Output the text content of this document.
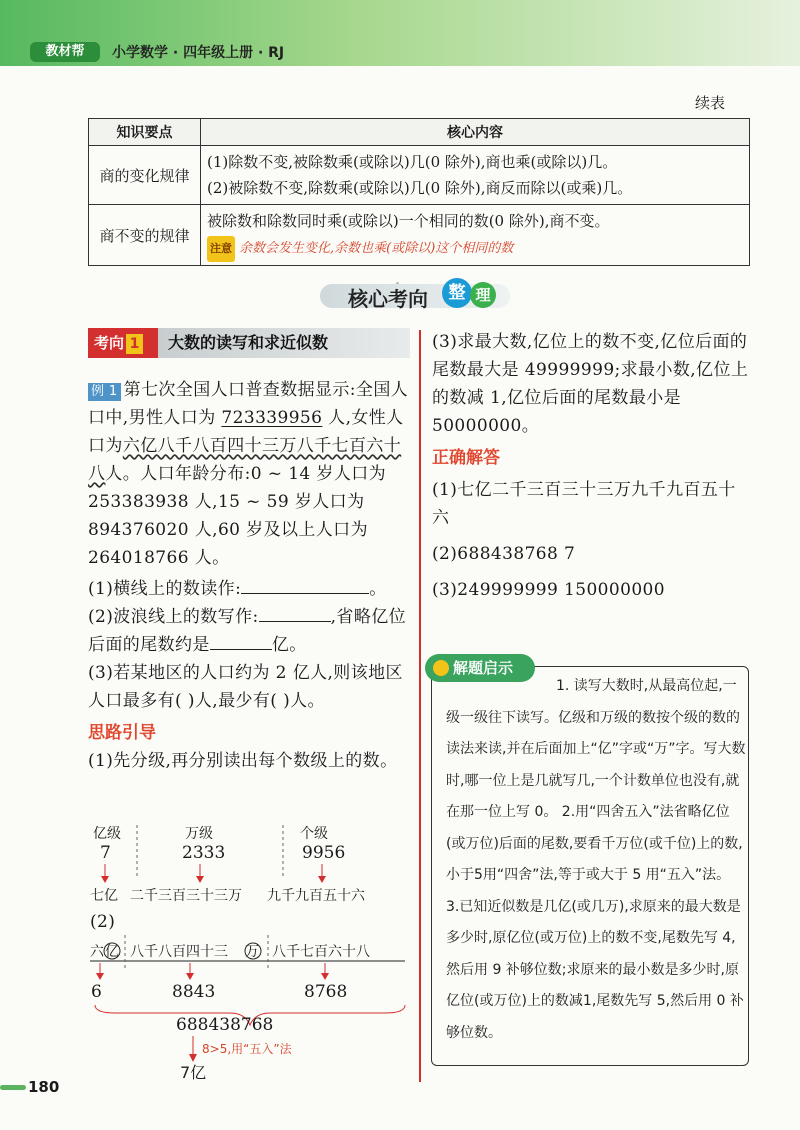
教材帮	小学数学 · 四年级上册 · RJ
续表
知识要点	核心内容
商的变化规律	(1)除数不变,被除数乘(或除以)几(0 除外),商也乘(或除以)几。
(2)被除数不变,除数乘(或除以)几(0 除外),商反而除以(或乘)几。

商不变的规律	被除数和除数同时乘(或除以)一个相同的数(0 除外),商不变。
注意 余数会发生变化,余数也乘(或除以)这个相同的数
核心考向	整 理
考向 1	大数的读写和求近似数
例 1 第七次全国人口普查数据显示:全国人口中,男性人口为 723339956 人,女性人口为六亿八千八百四十三万八千七百六十八人。人口年龄分布:0 ~ 14 岁人口为 253383938 人,15 ~ 59 岁人口为 894376020 人,60 岁及以上人口为 264018766 人。
(1)横线上的数读作:	。
(2)波浪线上的数写作:	,省略亿位后面的尾数约是	亿。
(3)若某地区的人口约为 2 亿人,则该地区人口最多有( )人,最少有( )人。
思路引导
(1)先分级,再分别读出每个数级上的数。
亿级	万级	个级
7	2333	9956
七亿 二千三百三十三万 九千九百五十六
(2)
六 亿 八千八百四十三 万 八千七百六十八
6	8843	8768
688438768
8>5,用“五入”法
7亿
(3)求最大数,亿位上的数不变,亿位后面的尾数最大是 49999999;求最小数,亿位上的数减 1,亿位后面的尾数最小是 50000000。
正确解答
(1)七亿二千三百三十三万九千九百五十六
(2)688438768 7
(3)249999999 150000000
1. 读写大数时,从最高位起,一级一级往下读写。亿级和万级的数按个级的数的读法来读,并在后面加上“亿”字或“万”字。写大数时,哪一位上是几就写几,一个计数单位也没有,就在那一位上写 0。 2.用“四舍五入”法省略亿位(或万位)后面的尾数,要看千万位(或千位)上的数,小于5用“四舍”法,等于或大于 5 用“五入”法。 3.已知近似数是几亿(或几万),求原来的最大数是多少时,原亿位(或万位)上的数不变,尾数先写 4,然后用 9 补够位数;求原来的最小数是多少时,原亿位(或万位)上的数减1,尾数先写 5,然后用 0 补够位数。
解题启示
180
